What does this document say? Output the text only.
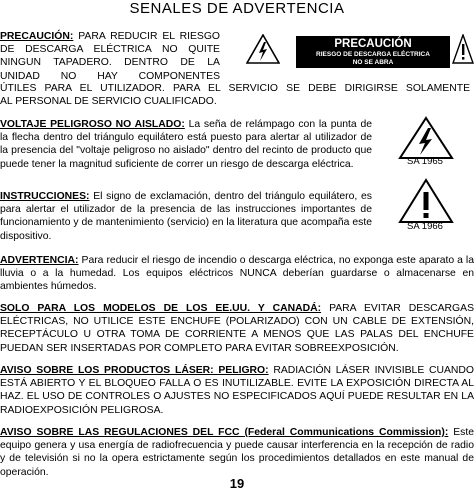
SENALES DE ADVERTENCIA
PRECAUCIÓN: PARA REDUCIR EL RIESGO DE DESCARGA ELÉCTRICA NO QUITE NINGUN TAPADERO. DENTRO DE LA UNIDAD NO HAY COMPONENTES
ÚTILES PARA EL UTILIZADOR. PARA EL SERVICIO SE DEBE DIRIGIRSE SOLAMENTE
AL PERSONAL DE SERVICIO CUALIFICADO.
PRECAUCIÓN
RIESGO DE DESCARGA ELÉCTRICA
NO SE ABRA
VOLTAJE PELIGROSO NO AISLADO: La seña de relámpago con la punta de la flecha dentro del triángulo equilátero está puesto para alertar al utilizador de la presencia del "voltaje peligroso no aislado" dentro del recinto de producto que puede tener la magnitud suficiente de correr un riesgo de descarga eléctrica.	SA 1965
INSTRUCCIONES: El signo de exclamación, dentro del triángulo equilátero, es para alertar el utilizador de la presencia de las instrucciones importantes de funcionamiento y de mantenimiento (servicio) en la literatura que acompaña este dispositivo.
SA 1966
ADVERTENCIA: Para reducir el riesgo de incendio o descarga eléctrica, no exponga este aparato a la lluvia o a la humedad. Los equipos eléctricos NUNCA deberían guardarse o almacenarse en ambientes húmedos.
SOLO PARA LOS MODELOS DE LOS EE.UU. Y CANADÁ: PARA EVITAR DESCARGAS ELÉCTRICAS, NO UTILICE ESTE ENCHUFE (POLARIZADO) CON UN CABLE DE EXTENSIÓN, RECEPTÁCULO U OTRA TOMA DE CORRIENTE A MENOS QUE LAS PALAS DEL ENCHUFE PUEDAN SER INSERTADAS POR COMPLETO PARA EVITAR SOBREEXPOSICIÓN.
AVISO SOBRE LOS PRODUCTOS LÁSER: PELIGRO: RADIACIÓN LÁSER INVISIBLE CUANDO ESTÁ ABIERTO Y EL BLOQUEO FALLA O ES INUTILIZABLE. EVITE LA EXPOSICIÓN DIRECTA AL HAZ. EL USO DE CONTROLES O AJUSTES NO ESPECIFICADOS AQUÍ PUEDE RESULTAR EN LA RADIOEXPOSICIÓN PELIGROSA.
AVISO SOBRE LAS REGULACIONES DEL FCC (Federal Communications Commission): Este equipo genera y usa energía de radiofrecuencia y puede causar interferencia en la recepción de radio y de televisión si no la opera estrictamente según los procedimientos detallados en este manual de operación.
19
